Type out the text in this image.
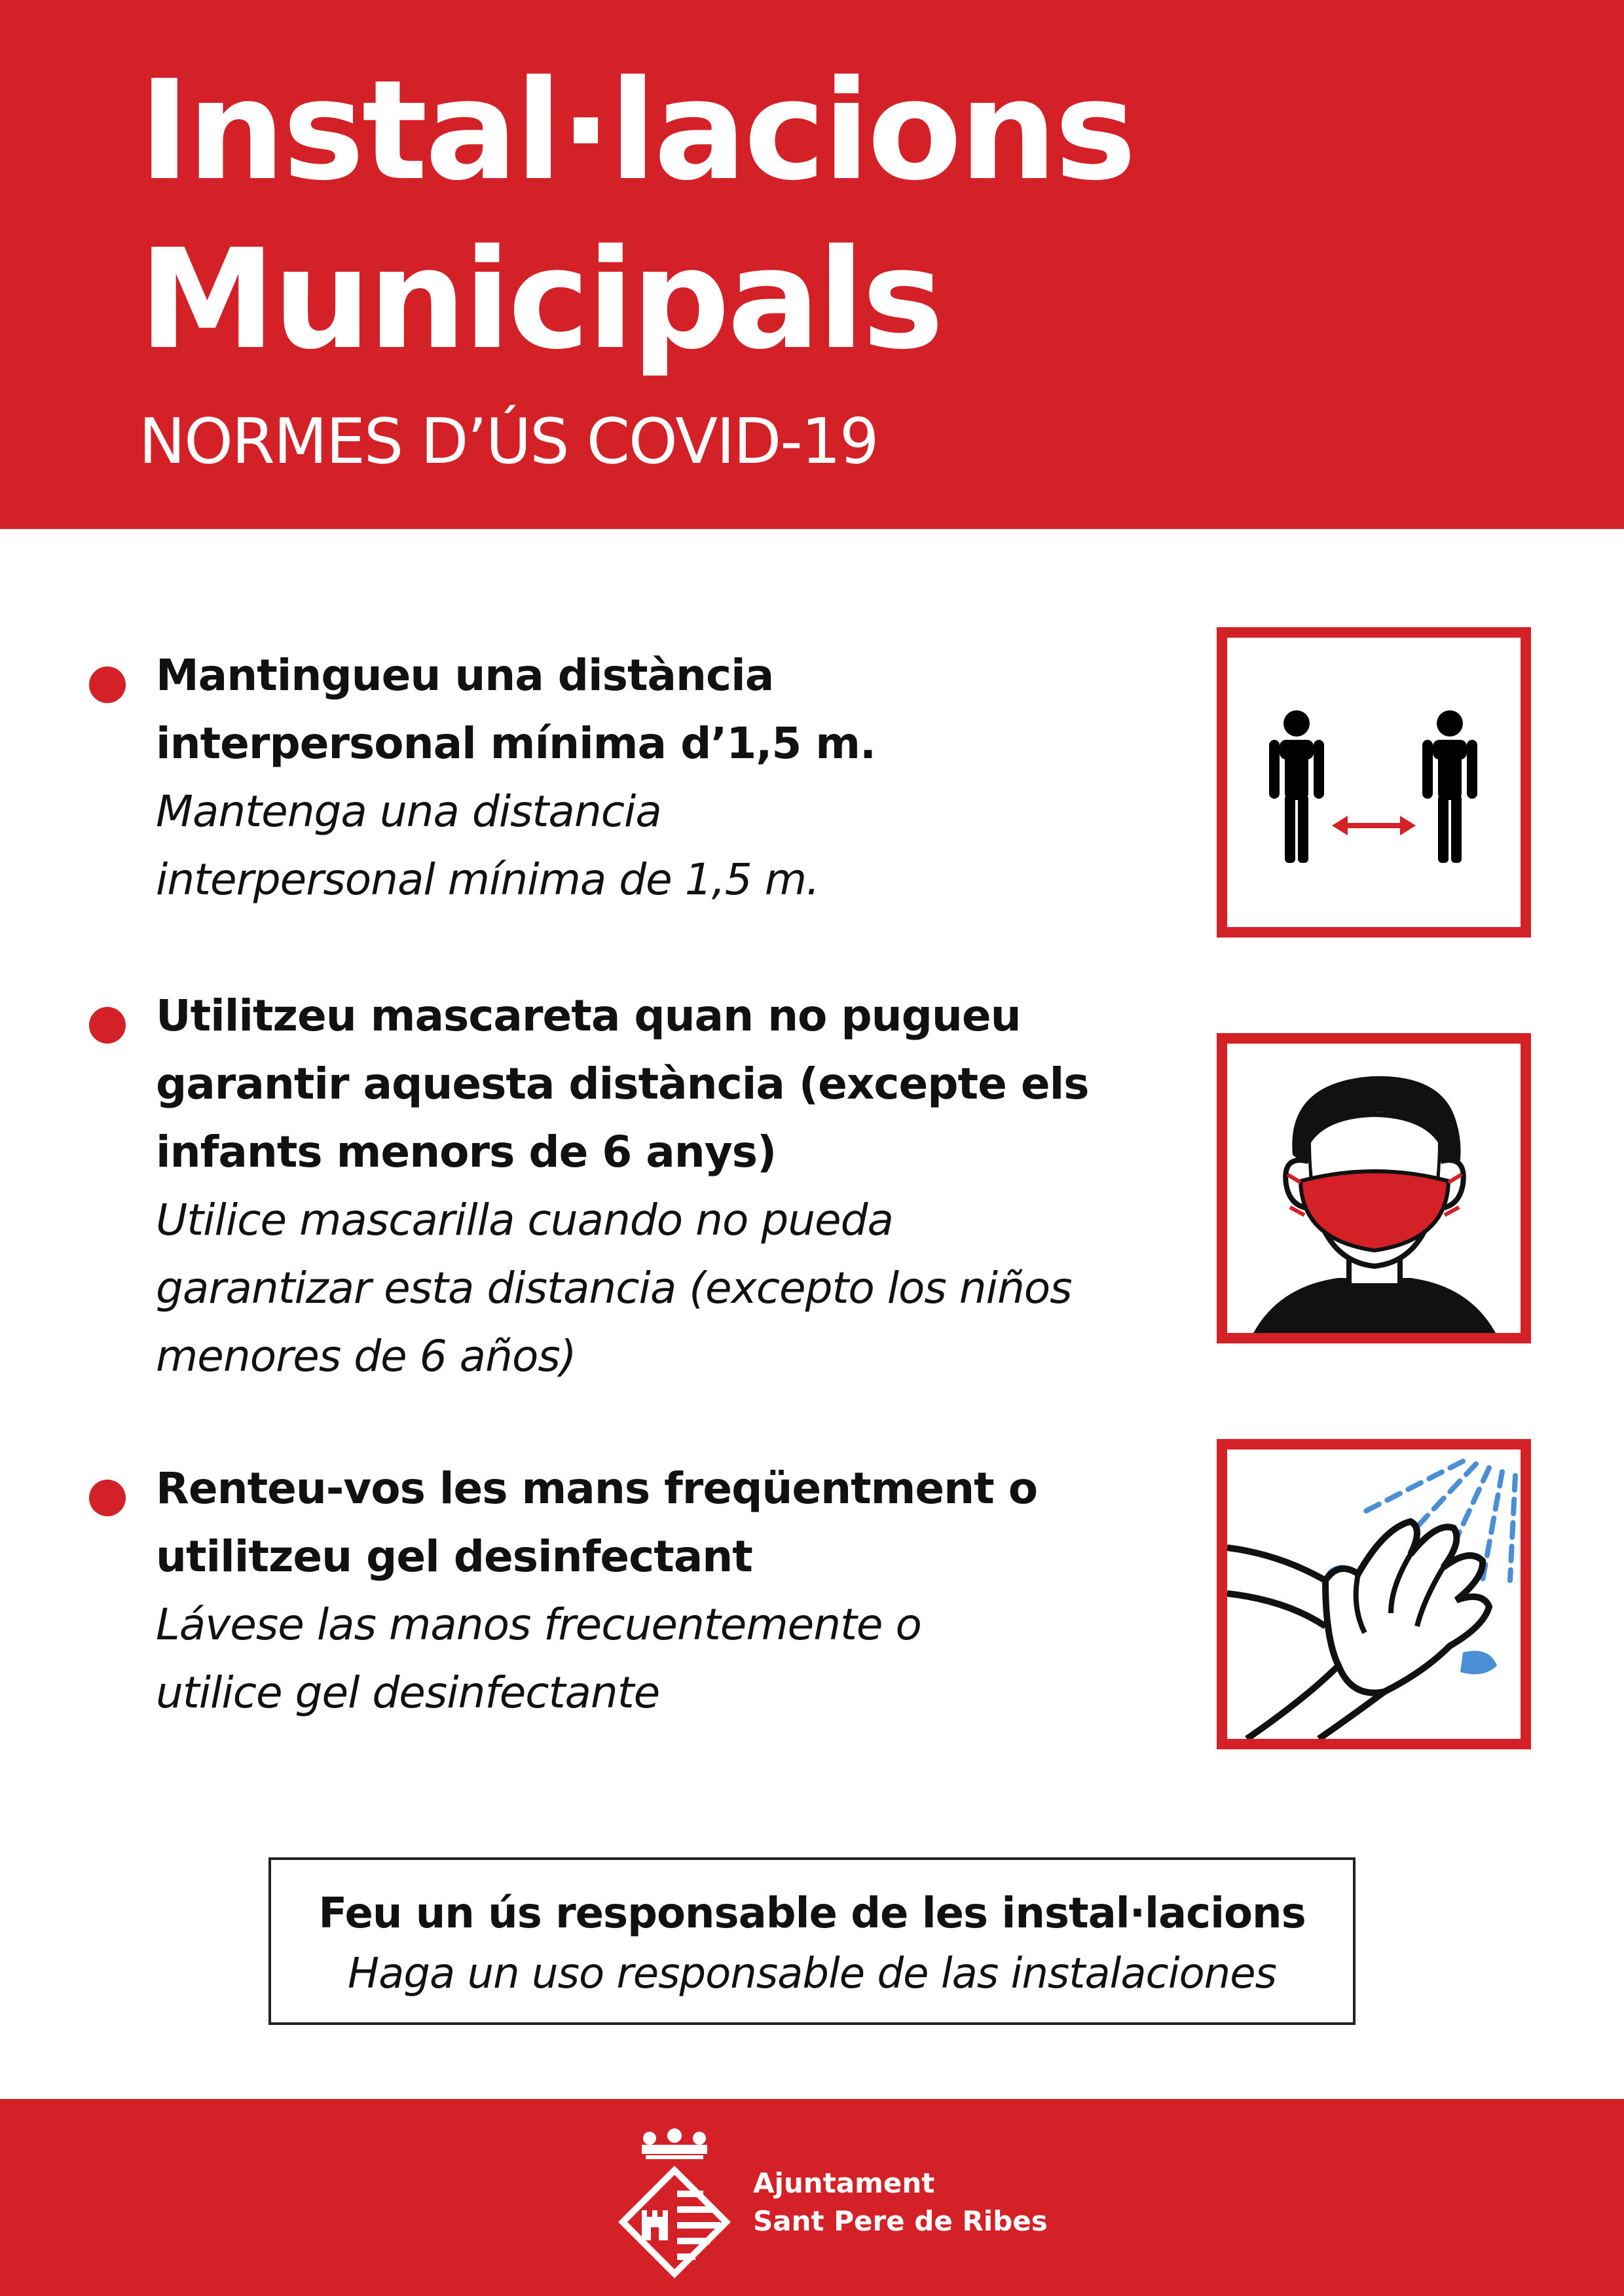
Instal·lacions
Municipals
NORMES D’ÚS COVID-19

Mantingueu una distància

interpersonal mínima d’1,5 m.

Mantenga una distancia

interpersonal mínima de 1,5 m.

Utilitzeu mascareta quan no pugueu

garantir aquesta distància (excepte els

infants menors de 6 anys)

Utilice mascarilla cuando no pueda

garantizar esta distancia (excepto los niños

menores de 6 años)

Renteu-vos les mans freqüentment o

utilitzeu gel desinfectant

Lávese las manos frecuentemente o

utilice gel desinfectante

Feu un ús responsable de les instal·lacions

Haga un uso responsable de las instalaciones

Ajuntament
Sant Pere de Ribes
